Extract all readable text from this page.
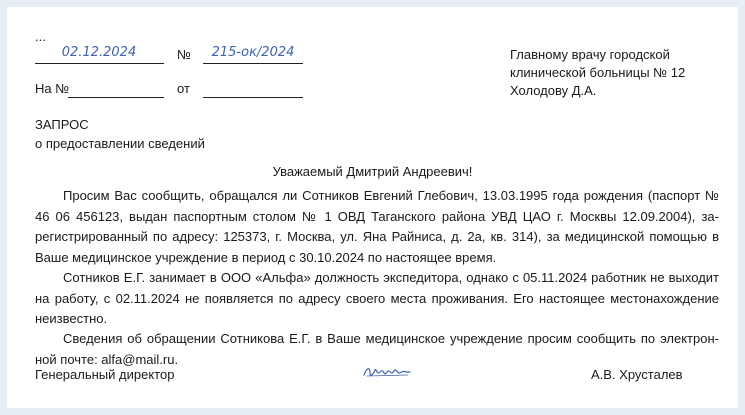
...
02.12.2024	№	215-ок/2024
На №	от
Главному врачу городской
клинической больницы № 12
Холодову Д.А.
ЗАПРОС
о предоставлении сведений
Уважаемый Дмитрий Андреевич!
Просим Вас сообщить, обращался ли Сотников Евгений Глебович, 13.03.1995 года рождения (паспорт № 46 06 456123, выдан паспортным столом № 1 ОВД Таганского района УВД ЦАО г. Москвы 12.09.2004), зарегистрированный по адресу: 125373, г. Москва, ул. Яна Райниса, д. 2а, кв. 314), за медицинской помощью в Ваше медицинское учреждение в период с 30.10.2024 по настоящее время.
Сотников Е.Г. занимает в ООО «Альфа» должность экспедитора, однако с 05.11.2024 работник не выходит на работу, с 02.11.2024 не появляется по адресу своего места проживания. Его настоящее местонахождение неизвестно.
Сведения об обращении Сотникова Е.Г. в Ваше медицинское учреждение просим сообщить по электронной почте: alfa@mail.ru.
Генеральный директор	А.В. Хрусталев
